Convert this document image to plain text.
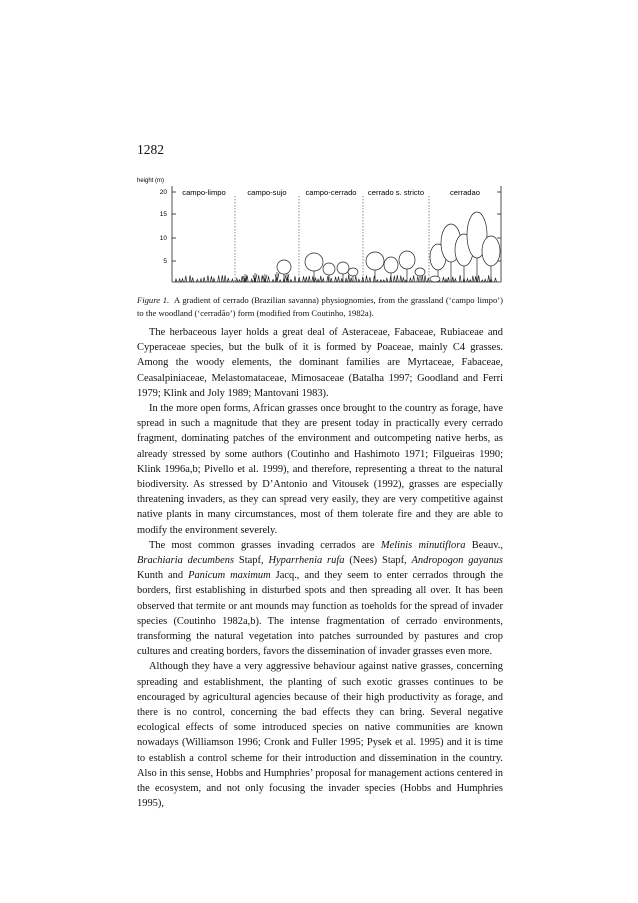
1282
height (m)
20
15
10
5
campo-limpo	campo-sujo campo-cerrado cerrado s. stricto	cerradao
Figure 1. A gradient of cerrado (Brazilian savanna) physiognomies, from the grassland (‘campo limpo’) to the woodland (‘cerradão’) form (modified from Coutinho, 1982a).

The herbaceous layer holds a great deal of Asteraceae, Fabaceae, Rubiaceae and Cyperaceae species, but the bulk of it is formed by Poaceae, mainly C4 grasses. Among the woody elements, the dominant families are Myrtaceae, Fabaceae, Ceasalpiniaceae, Melastomataceae, Mimosaceae (Batalha 1997; Goodland and Ferri 1979; Klink and Joly 1989; Mantovani 1983).

In the more open forms, African grasses once brought to the country as forage, have spread in such a magnitude that they are present today in practically every cerrado fragment, dominating patches of the environment and outcompeting native herbs, as already stressed by some authors (Coutinho and Hashimoto 1971; Filgueiras 1990; Klink 1996a,b; Pivello et al. 1999), and therefore, representing a threat to the natural biodiversity. As stressed by D’Antonio and Vitousek (1992), grasses are especially threatening invaders, as they can spread very easily, they are very competitive against native plants in many circumstances, most of them tolerate fire and they are able to modify the environment severely.

The most common grasses invading cerrados are Melinis minutiflora Beauv., Brachiaria decumbens Stapf, Hyparrhenia rufa (Nees) Stapf, Andropogon gayanus Kunth and Panicum maximum Jacq., and they seem to enter cerrados through the borders, first establishing in disturbed spots and then spreading all over. It has been observed that termite or ant mounds may function as toeholds for the spread of invader species (Coutinho 1982a,b). The intense fragmentation of cerrado environments, transforming the natural vegetation into patches surrounded by pastures and crop cultures and creating borders, favors the dissemination of invader grasses even more.

Although they have a very aggressive behaviour against native grasses, concerning spreading and establishment, the planting of such exotic grasses continues to be encouraged by agricultural agencies because of their high productivity as forage, and there is no control, concerning the bad effects they can bring. Several negative ecological effects of some introduced species on native communities are known nowadays (Williamson 1996; Cronk and Fuller 1995; Pysek et al. 1995) and it is time to establish a control scheme for their introduction and dissemination in the country. Also in this sense, Hobbs and Humphries’ proposal for management actions centered in the ecosystem, and not only focusing the invader species (Hobbs and Humphries 1995),
